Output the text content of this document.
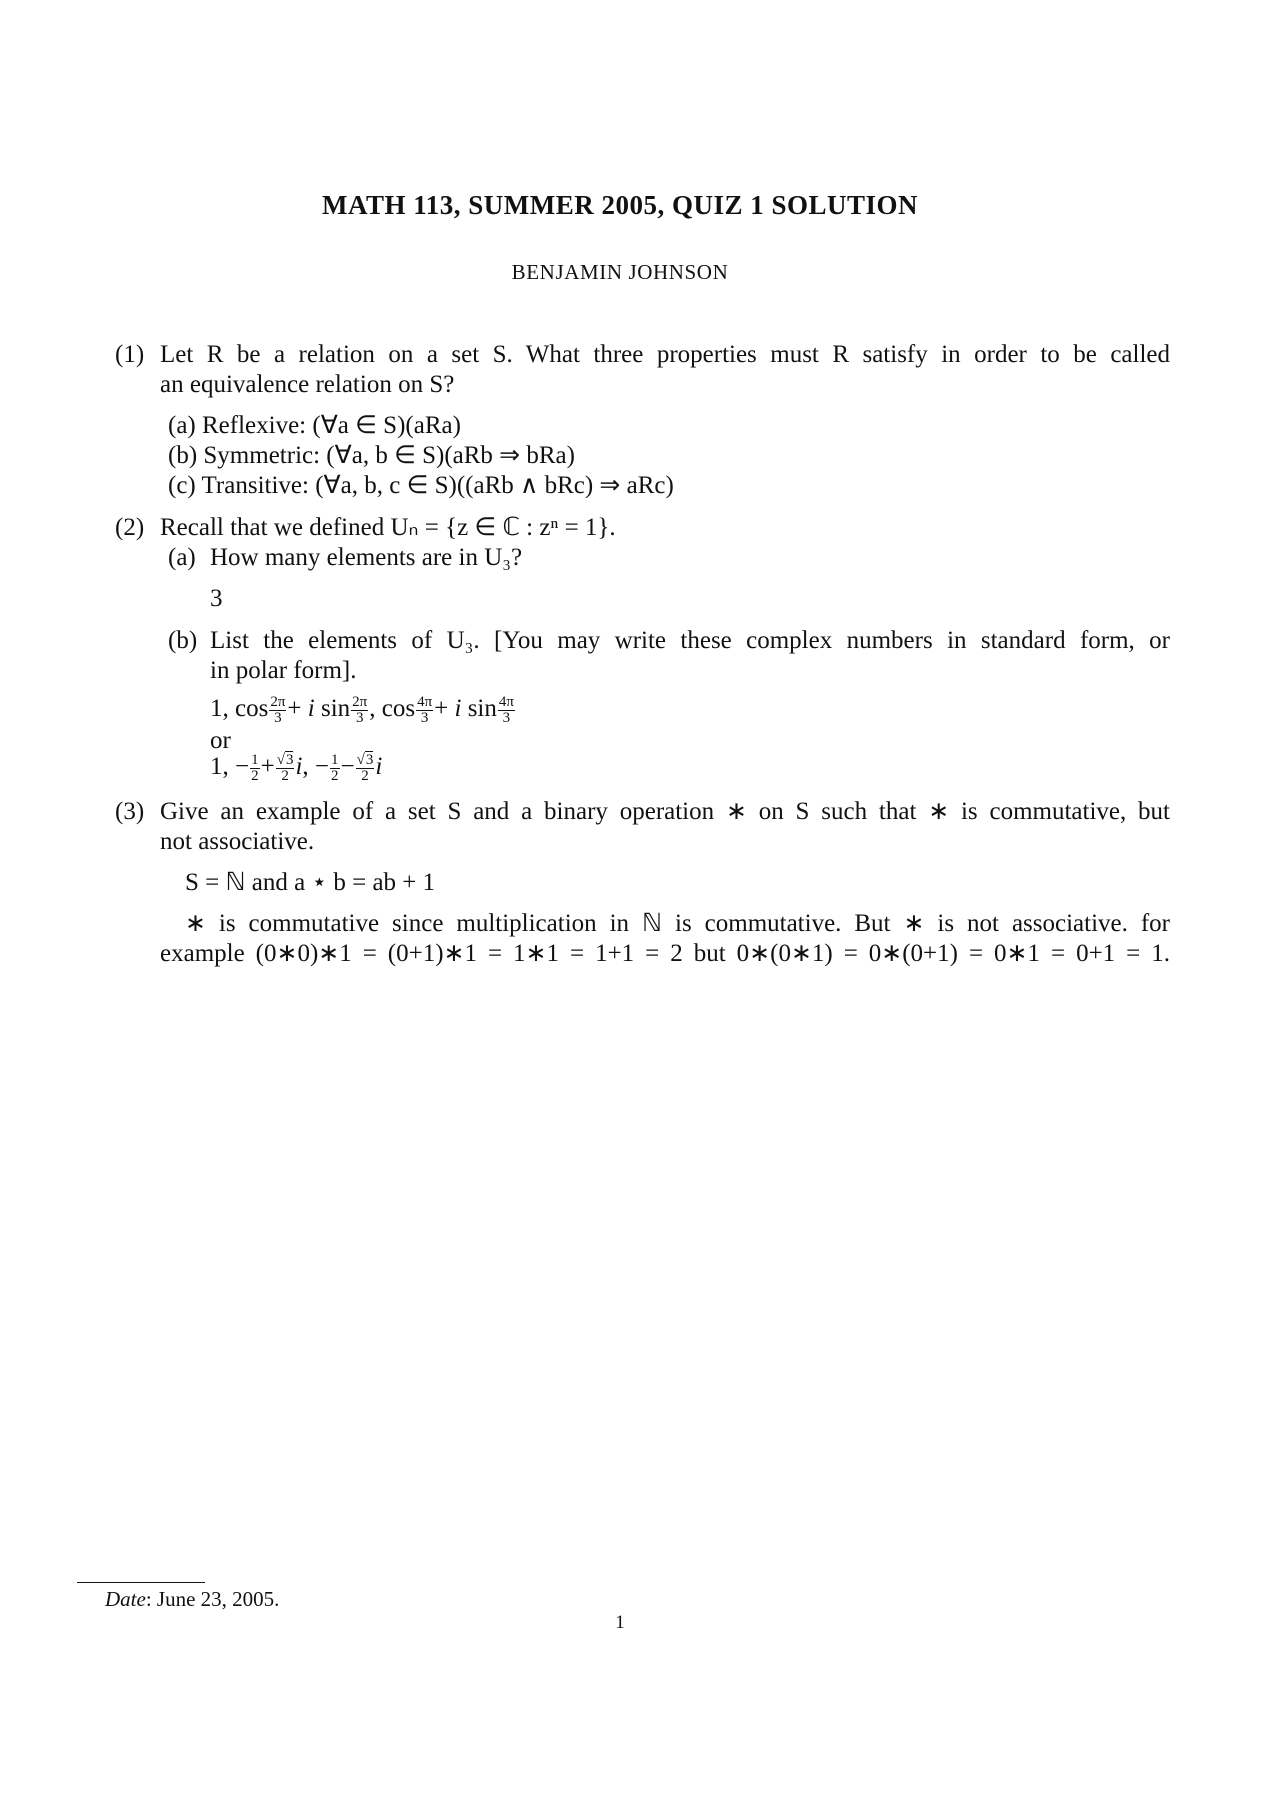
MATH 113, SUMMER 2005, QUIZ 1 SOLUTION
BENJAMIN JOHNSON
(1) Let R be a relation on a set S. What three properties must R satisfy in order to be called
an equivalence relation on S?
(a) Reflexive: (∀a ∈ S)(aRa)
(b) Symmetric: (∀a, b ∈ S)(aRb ⇒ bRa)
(c) Transitive: (∀a, b, c ∈ S)((aRb ∧ bRc) ⇒ aRc)
(2) Recall that we defined Uₙ = {z ∈ ℂ : zⁿ = 1}.
(a) How many elements are in U₃?
3
(b) List the elements of U₃. [You may write these complex numbers in standard form, or
in polar form].
1, $\cos \frac{2\pi}{3} + i$ $\sin \frac{2\pi}{3}$ , $\cos \frac{4\pi}{3} + i$ $\sin \frac{4\pi}{3}$
or
1, − $\frac{1}{2} + \frac{√3}{2} i$, − $\frac{1}{2} - \frac{√3}{2}$ i
(3) Give an example of a set S and a binary operation ∗ on S such that ∗ is commutative, but
not associative.
S = ℕ and a ⋆ b = ab + 1
∗ is commutative since multiplication in ℕ is commutative. But ∗ is not associative. for
example (0∗0)∗1 = (0+1)∗1 = 1∗1 = 1+1 = 2 but 0∗(0∗1) = 0∗(0+1) = 0∗1 = 0+1 = 1.
Date: June 23, 2005.
1
